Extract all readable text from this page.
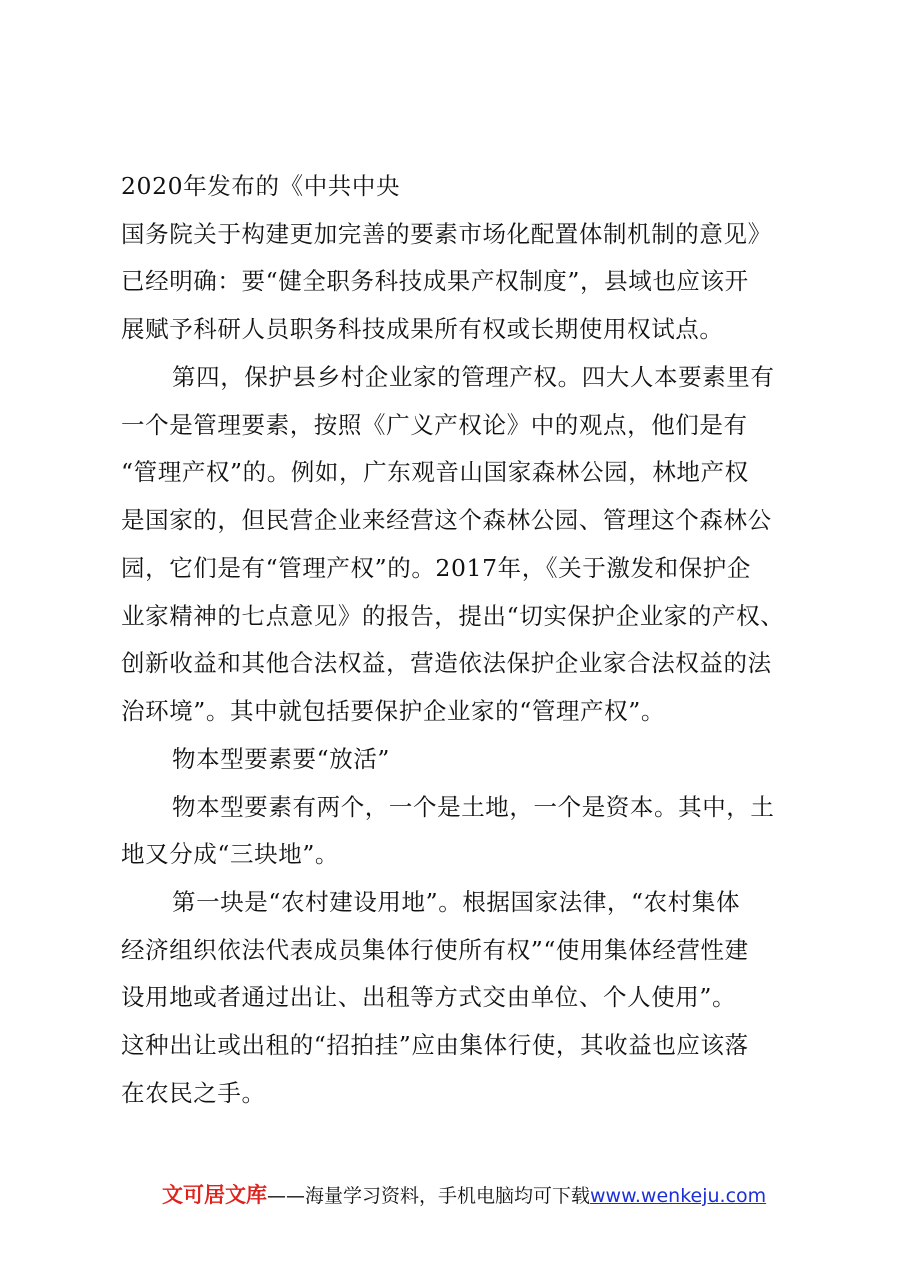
2020年发布的《中共中央
国务院关于构建更加完善的要素市场化配置体制机制的意见》
已经明确：要“健全职务科技成果产权制度”，县域也应该开
展赋予科研人员职务科技成果所有权或长期使用权试点。
第四，保护县乡村企业家的管理产权。四大人本要素里有
一个是管理要素，按照《广义产权论》中的观点，他们是有
“管理产权”的。例如，广东观音山国家森林公园，林地产权
是国家的，但民营企业来经营这个森林公园、管理这个森林公
园，它们是有“管理产权”的。2017年，《关于激发和保护企
业家精神的七点意见》的报告，提出“切实保护企业家的产权、
创新收益和其他合法权益，营造依法保护企业家合法权益的法
治环境”。其中就包括要保护企业家的“管理产权”。
物本型要素要“放活”
物本型要素有两个，一个是土地，一个是资本。其中，土
地又分成“三块地”。
第一块是“农村建设用地”。根据国家法律，“农村集体
经济组织依法代表成员集体行使所有权”“使用集体经营性建
设用地或者通过出让、出租等方式交由单位、个人使用”。
这种出让或出租的“招拍挂”应由集体行使，其收益也应该落
在农民之手。
文可居文库——海量学习资料，手机电脑均可下载www.wenkeju.com
